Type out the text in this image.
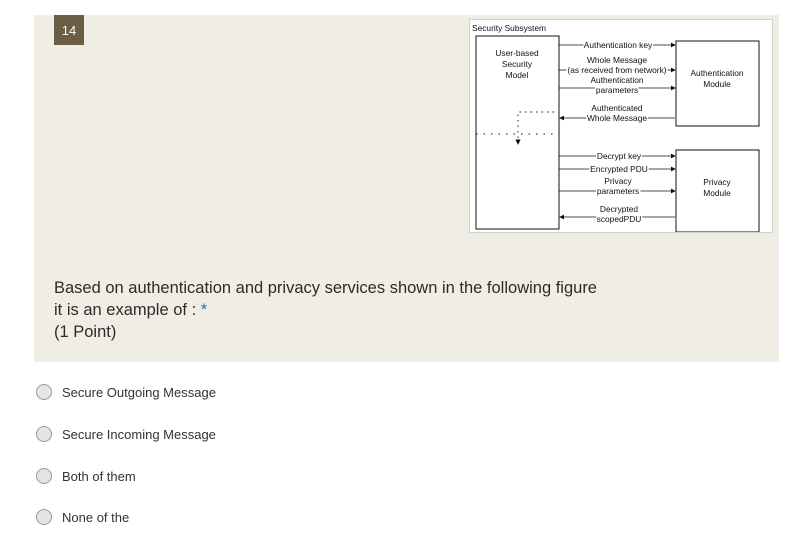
14	Security Subsystem
User-based
Security
Model	Authentication
Module
Privacy
Module
Authentication key
Whole Message
(as received from network)
Authentication
parameters
Authenticated
Whole Message
Decrypt key
Encrypted PDU
Privacy
parameters
Decrypted
scopedPDU
Based on authentication and privacy services shown in the following figure
it is an example of : *
(1 Point)
Secure Outgoing Message
Secure Incoming Message
Both of them
None of the
